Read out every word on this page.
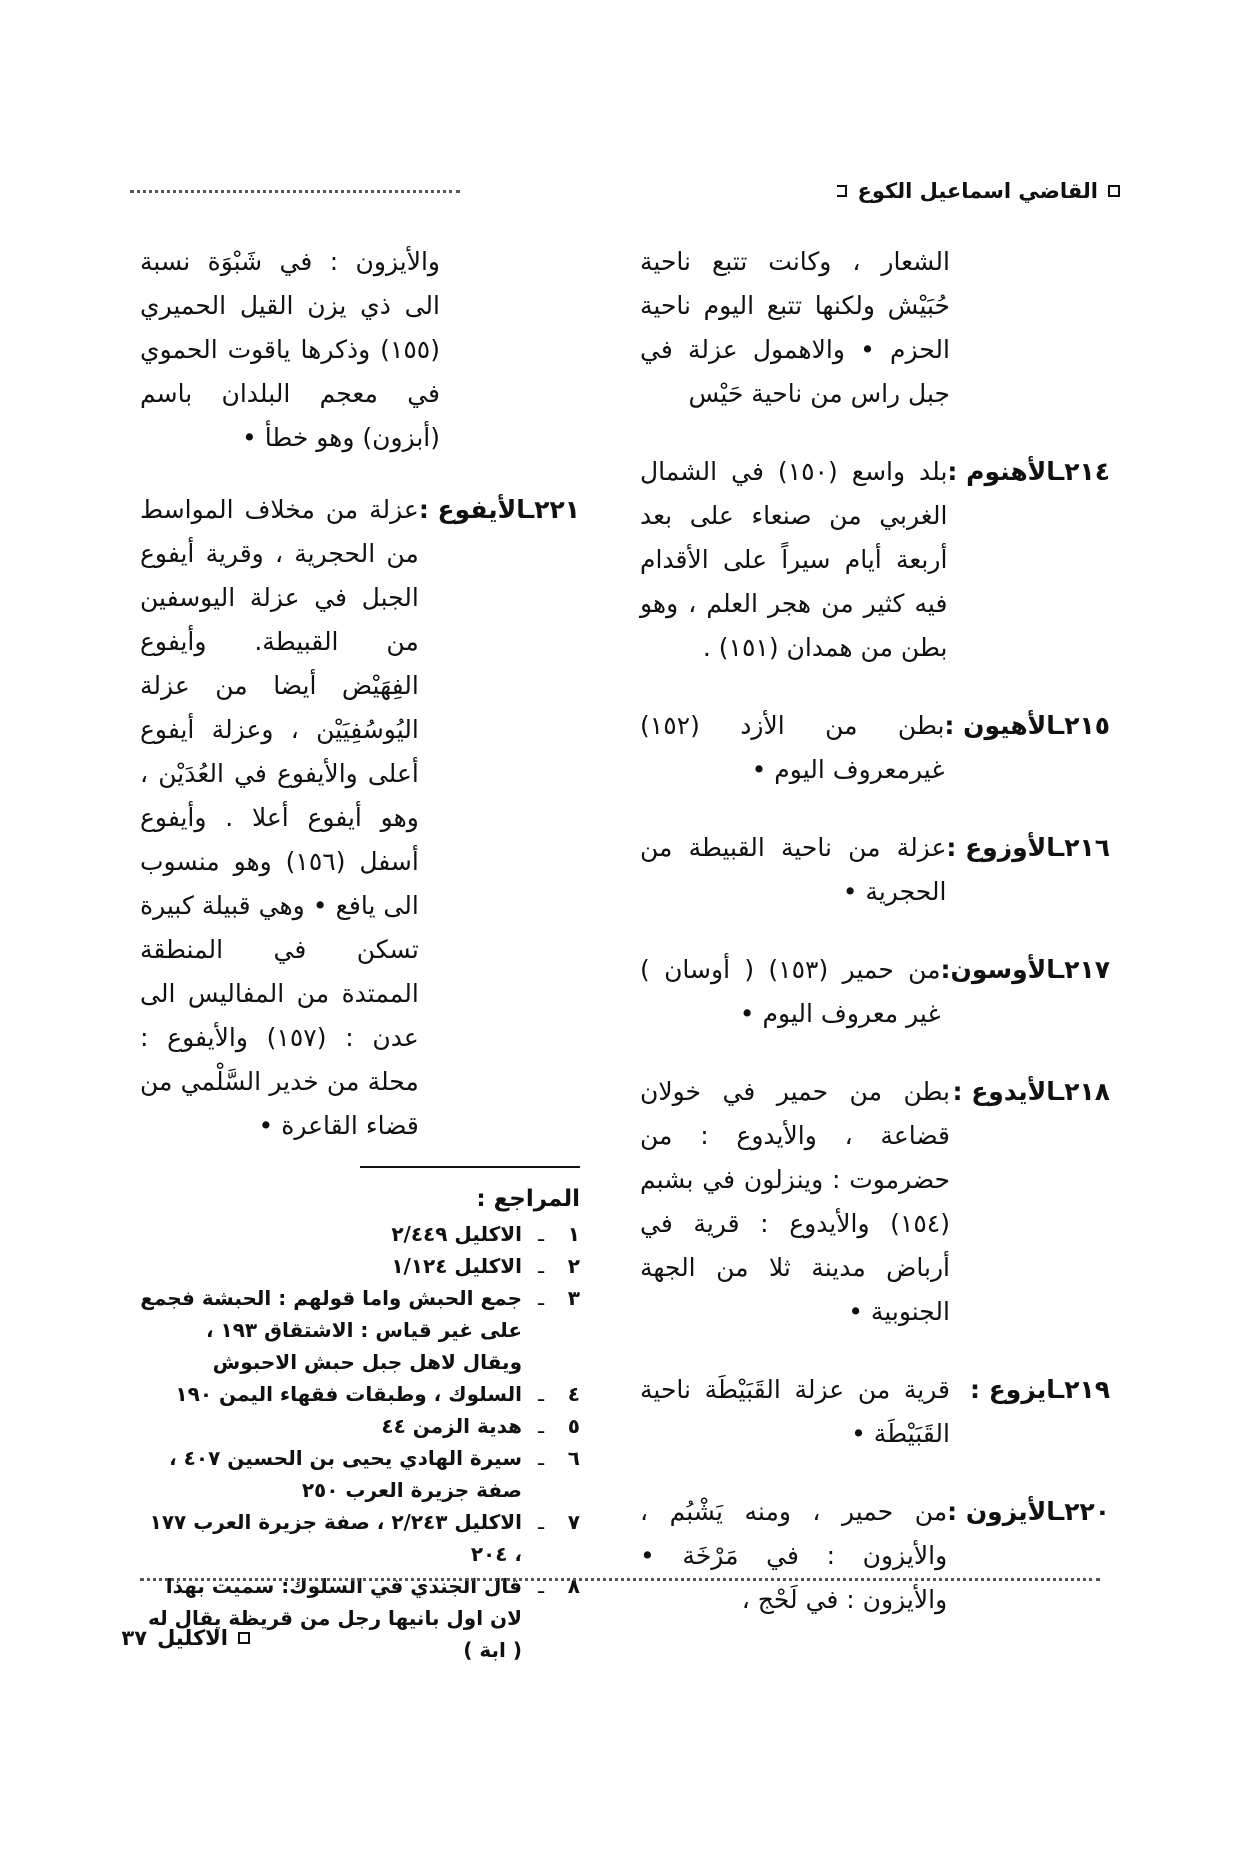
القاضي اسماعيل الكوع
الشعار ، وكانت تتبع ناحية حُبَيْش ولكنها تتبع اليوم ناحية الحزم • والاهمول عزلة في جبل راس من ناحية حَيْس
٢١٤ـالأهنوم :
بلد واسع (١٥٠) في الشمال الغربي من صنعاء على بعد أربعة أيام سيراً على الأقدام فيه كثير من هجر العلم ، وهو بطن من همدان (١٥١) .
٢١٥ـالأهيون :
بطن من الأزد (١٥٢) غيرمعروف اليوم •
٢١٦ـالأوزوع :
عزلة من ناحية القبيطة من الحجرية •
٢١٧ـالأوسون:
من حمير (١٥٣) ( أوسان ) غير معروف اليوم •
٢١٨ـالأيدوع :
بطن من حمير في خولان قضاعة ، والأيدوع : من حضرموت : وينزلون في بشبم (١٥٤) والأيدوع : قرية في أرباض مدينة ثلا من الجهة الجنوبية •
٢١٩ـايزوع :
قرية من عزلة القَبَيْطَة ناحية القَبَيْطَة •
٢٢٠ـالأيزون :
من حمير ، ومنه يَشْبُم ، والأيزون : في مَرْخَة • والأيزون : في لَحْج ،
والأيزون : في شَبْوَة نسبة الى ذي يزن القيل الحميري (١٥٥) وذكرها ياقوت الحموي في معجم البلدان باسم (أبزون) وهو خطأ •
٢٢١ـالأيفوع :
عزلة من مخلاف المواسط من الحجرية ، وقرية أيفوع الجبل في عزلة اليوسفين من القبيطة. وأيفوع الفِهَيْض أيضا من عزلة اليُوسُفِيَيْن ، وعزلة أيفوع أعلى والأيفوع في العُدَيْن ، وهو أيفوع أعلا . وأيفوع أسفل (١٥٦) وهو منسوب الى يافع • وهي قبيلة كبيرة تسكن في المنطقة الممتدة من المفاليس الى عدن : (١٥٧) والأيفوع : محلة من خدير السَّلْمي من قضاء القاعرة •
المراجع :
١
ـ
الاكليل ٢/٤٤٩
٢
ـ
الاكليل ١/١٢٤
٣
ـ
جمع الحبش واما قولهم : الحبشة فجمع على غير قياس : الاشتقاق ١٩٣ ، ويقال لاهل جبل حبش الاحبوش
٤
ـ
السلوك ، وطبقات فقهاء اليمن ١٩٠
٥
ـ
هدية الزمن ٤٤
٦
ـ
سيرة الهادي يحيى بن الحسين ٤٠٧ ، صفة جزيرة العرب ٢٥٠
٧
ـ
الاكليل ٢/٢٤٣ ، صفة جزيرة العرب ١٧٧ ، ٢٠٤
٨
ـ
قال الجندي في السلوك: سميت بهذا لان اول بانيها رجل من قريظة يقال له ( ابة )
الاكليل
٣٧
